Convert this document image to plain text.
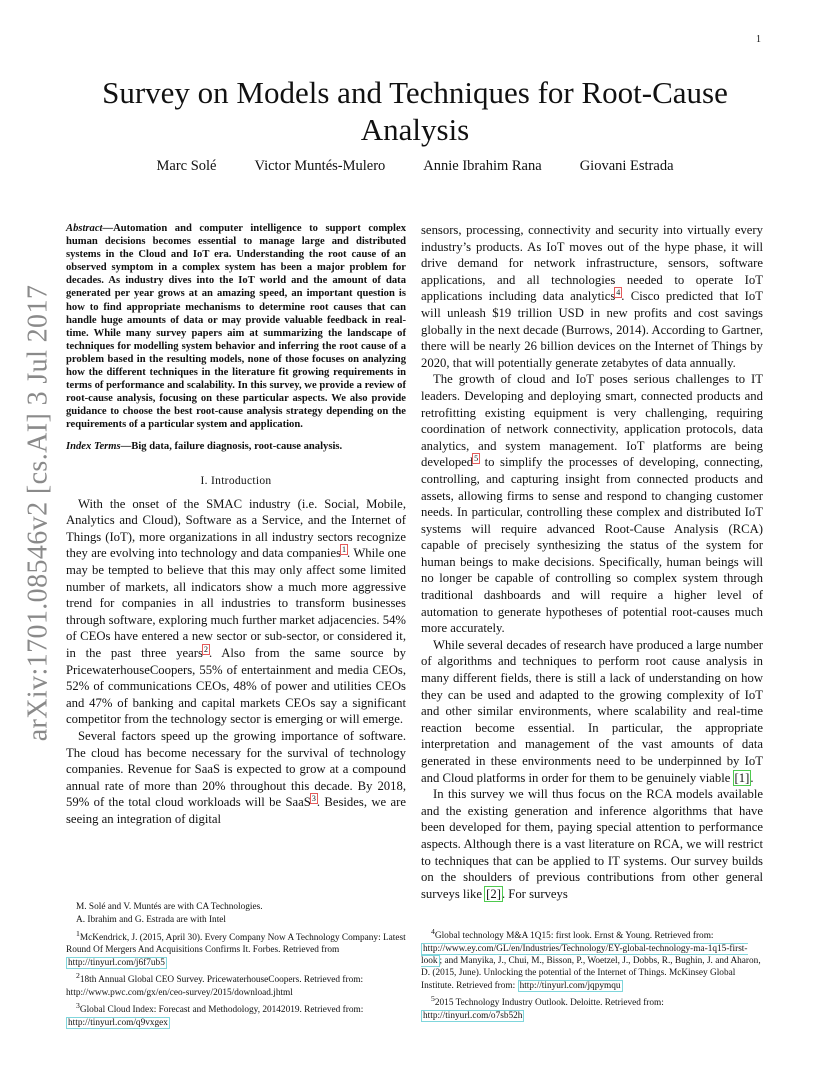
1
Survey on Models and Techniques for Root-Cause Analysis
Marc Solé	Victor Muntés-Mulero	Annie Ibrahim Rana	Giovani Estrada
arXiv:1701.08546v2 [cs.AI] 3 Jul 2017

Abstract—Automation and computer intelligence to support complex human decisions becomes essential to manage large and distributed systems in the Cloud and IoT era. Understanding the root cause of an observed symptom in a complex system has been a major problem for decades. As industry dives into the IoT world and the amount of data generated per year grows at an amazing speed, an important question is how to find appropriate mechanisms to determine root causes that can handle huge amounts of data or may provide valuable feedback in real-time. While many survey papers aim at summarizing the landscape of techniques for modelling system behavior and inferring the root cause of a problem based in the resulting models, none of those focuses on analyzing how the different techniques in the literature fit growing requirements in terms of performance and scalability. In this survey, we provide a review of root-cause analysis, focusing on these particular aspects. We also provide guidance to choose the best root-cause analysis strategy depending on the requirements of a particular system and application.

Index Terms—Big data, failure diagnosis, root-cause analysis.

I. Introduction

With the onset of the SMAC industry (i.e. Social, Mobile, Analytics and Cloud), Software as a Service, and the Internet of Things (IoT), more organizations in all industry sectors recognize they are evolving into technology and data companies$^1$. While one may be tempted to believe that this may only affect some limited number of markets, all indicators show a much more aggressive trend for companies in all industries to transform businesses through software, exploring much further market adjacencies. 54% of CEOs have entered a new sector or sub-sector, or considered it, in the past three years$^2$. Also from the same source by PricewaterhouseCoopers, 55% of entertainment and media CEOs, 52% of communications CEOs, 48% of power and utilities CEOs and 47% of banking and capital markets CEOs say a significant competitor from the technology sector is emerging or will emerge.

Several factors speed up the growing importance of software. The cloud has become necessary for the survival of technology companies. Revenue for SaaS is expected to grow at a compound annual rate of more than 20% throughout this decade. By 2018, 59% of the total cloud workloads will be SaaS$^3$. Besides, we are seeing an integration of digital

sensors, processing, connectivity and security into virtually every industry’s products. As IoT moves out of the hype phase, it will drive demand for network infrastructure, sensors, software applications, and all technologies needed to operate IoT applications including data analytics$^4$. Cisco predicted that IoT will unleash $19 trillion USD in new profits and cost savings globally in the next decade (Burrows, 2014). According to Gartner, there will be nearly 26 billion devices on the Internet of Things by 2020, that will potentially generate zetabytes of data annually.

The growth of cloud and IoT poses serious challenges to IT leaders. Developing and deploying smart, connected products and retrofitting existing equipment is very challenging, requiring coordination of network connectivity, application protocols, data analytics, and system management. IoT platforms are being developed$^5$ to simplify the processes of developing, connecting, controlling, and capturing insight from connected products and assets, allowing firms to sense and respond to changing customer needs. In particular, controlling these complex and distributed IoT systems will require advanced Root-Cause Analysis (RCA) capable of precisely synthesizing the status of the system for human beings to make decisions. Specifically, human beings will no longer be capable of controlling so complex system through traditional dashboards and will require a higher level of automation to generate hypotheses of potential root-causes much more accurately.

While several decades of research have produced a large number of algorithms and techniques to perform root cause analysis in many different fields, there is still a lack of understanding on how they can be used and adapted to the growing complexity of IoT and other similar environments, where scalability and real-time reaction become essential. In particular, the appropriate interpretation and management of the vast amounts of data generated in these environments need to be underpinned by IoT and Cloud platforms in order for them to be genuinely viable [1].

In this survey we will thus focus on the RCA models available and the existing generation and inference algorithms that have been developed for them, paying special attention to performance aspects. Although there is a vast literature on RCA, we will restrict to techniques that can be applied to IT systems. Our survey builds on the shoulders of previous contributions from other general surveys like [2]. For surveys

M. Solé and V. Muntés are with CA Technologies.
A. Ibrahim and G. Estrada are with Intel
$^1$McKendrick, J. (2015, April 30). Every Company Now A Technology Company: Latest Round Of Mergers And Acquisitions Confirms It. Forbes. Retrieved from http://tinyurl.com/j6f7ub5
$^2$18th Annual Global CEO Survey. PricewaterhouseCoopers. Retrieved from: http://www.pwc.com/gx/en/ceo-survey/2015/download.jhtml
$^3$Global Cloud Index: Forecast and Methodology, 20142019. Retrieved from: http://tinyurl.com/q9vxgex
$^4$Global technology M&A 1Q15: first look. Ernst & Young. Retrieved from: http://www.ey.com/GL/en/Industries/Technology/EY-global-technology-ma-1q15-first-look ; and Manyika, J., Chui, M., Bisson, P., Woetzel, J., Dobbs, R., Bughin, J. and Aharon, D. (2015, June). Unlocking the potential of the Internet of Things. McKinsey Global Institute. Retrieved from: http://tinyurl.com/jqpymqu
$^5$2015 Technology Industry Outlook. Deloitte. Retrieved from: http://tinyurl.com/o7sb52h
